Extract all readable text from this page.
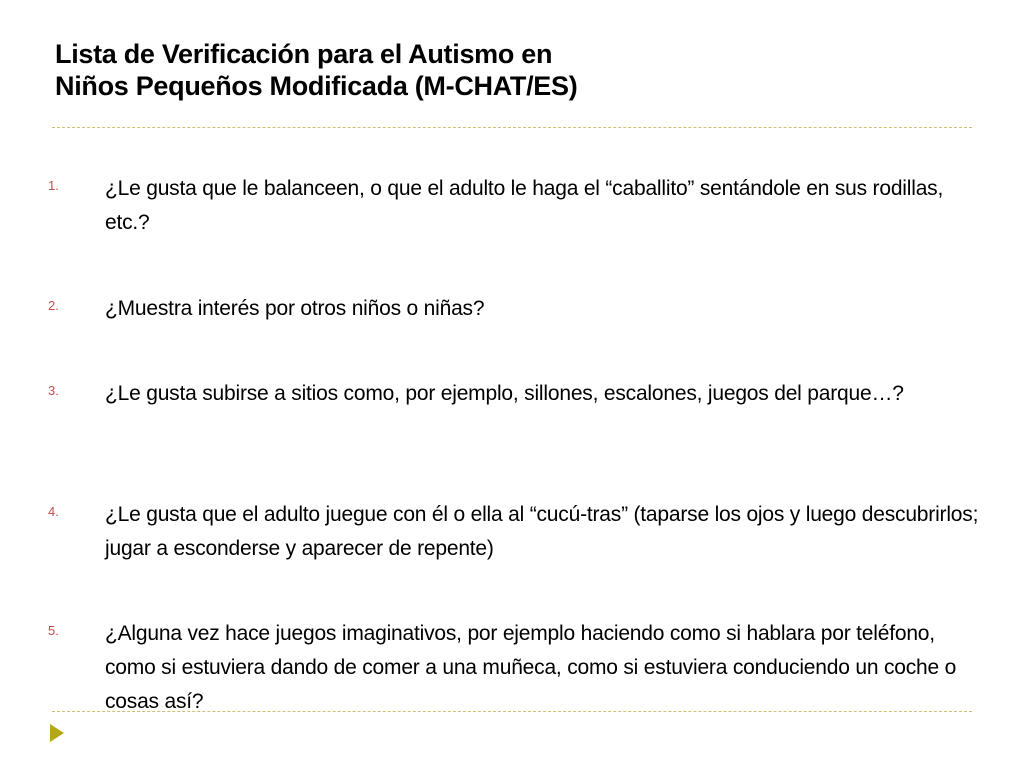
Lista de Verificación para el Autismo en
Niños Pequeños Modificada (M-CHAT/ES)
1. ¿Le gusta que le balanceen, o que el adulto le haga el “caballito” sentándole en sus rodillas, etc.?
2. ¿Muestra interés por otros niños o niñas?
3. ¿Le gusta subirse a sitios como, por ejemplo, sillones, escalones, juegos del parque…?
4. ¿Le gusta que el adulto juegue con él o ella al “cucú-tras” (taparse los ojos y luego descubrirlos; jugar a esconderse y aparecer de repente)
5. ¿Alguna vez hace juegos imaginativos, por ejemplo haciendo como si hablara por teléfono, como si estuviera dando de comer a una muñeca, como si estuviera conduciendo un coche o cosas así?
